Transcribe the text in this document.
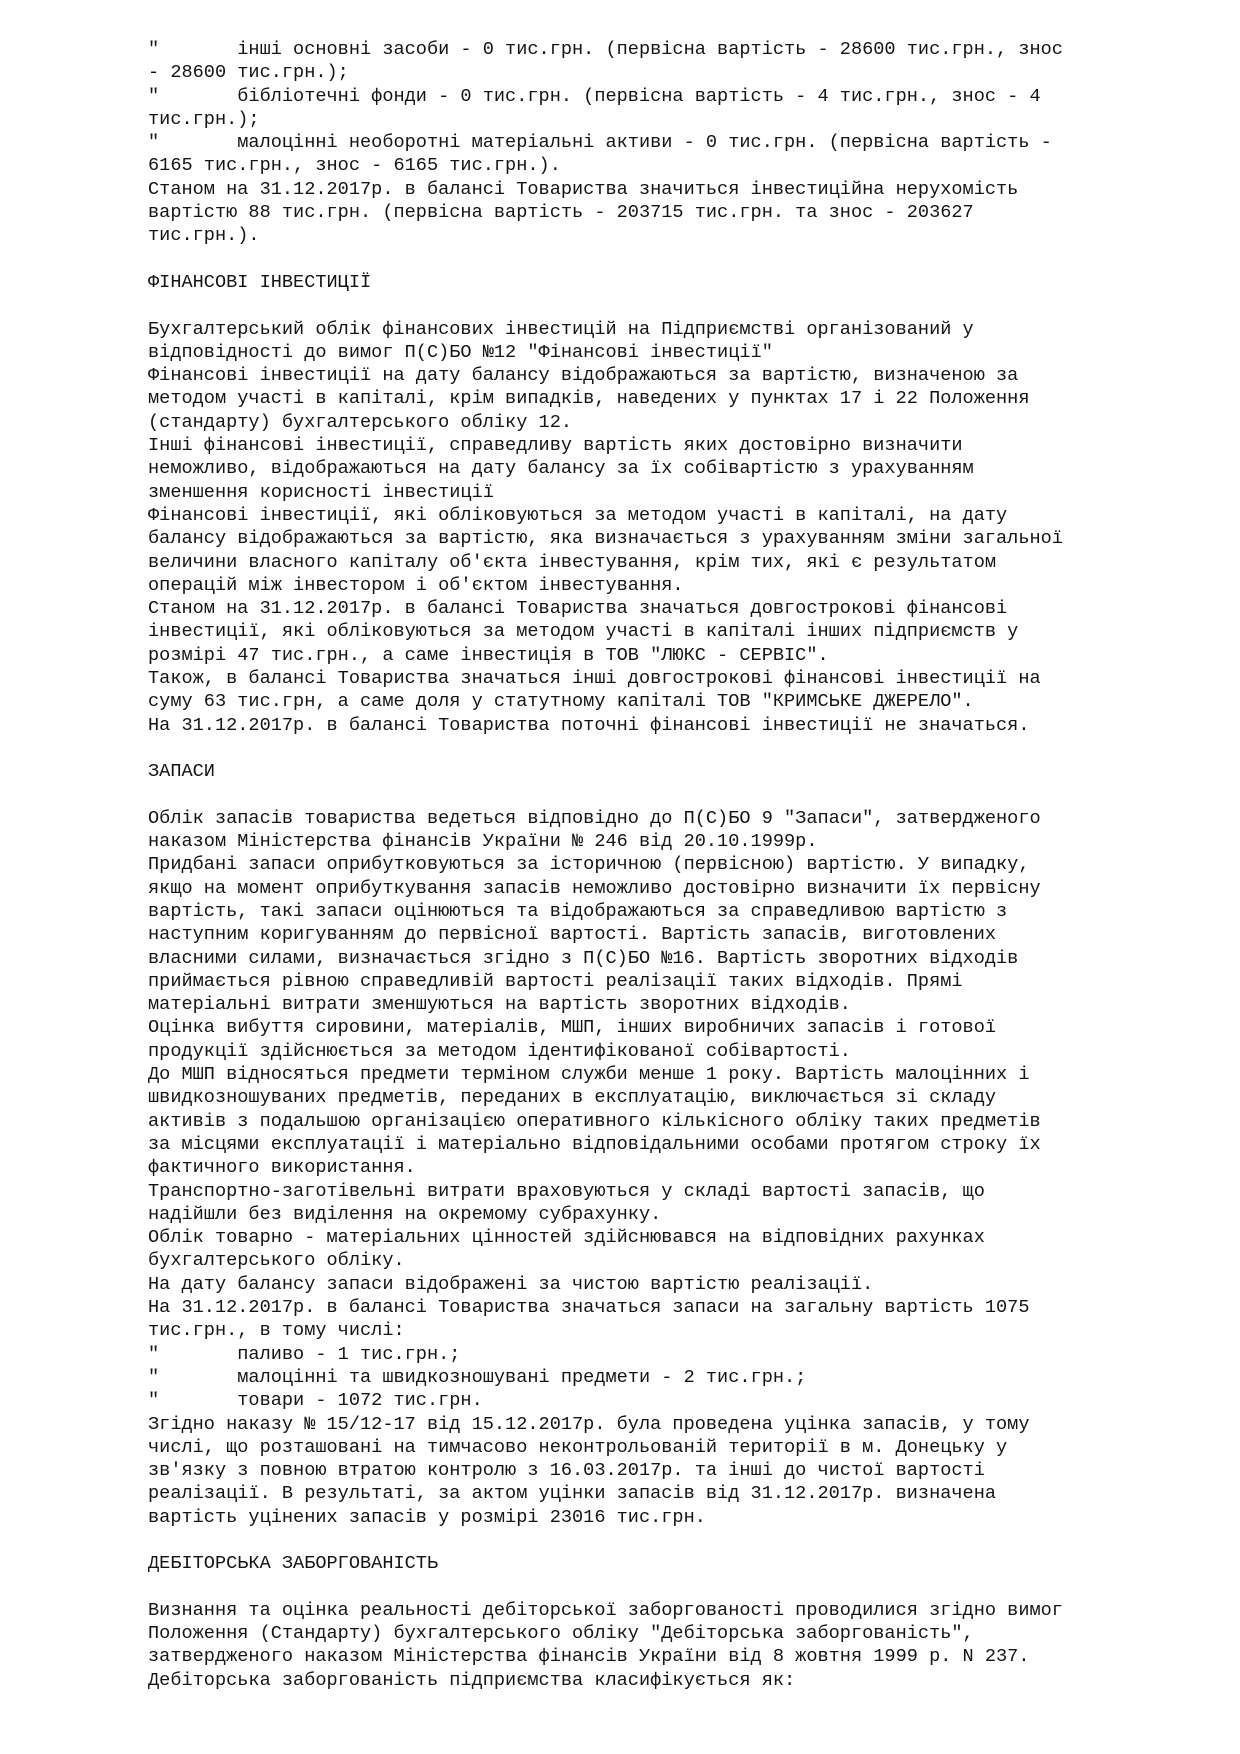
"       інші основні засоби - 0 тис.грн. (первісна вартість - 28600 тис.грн., знос
- 28600 тис.грн.);
"       бібліотечні фонди - 0 тис.грн. (первісна вартість - 4 тис.грн., знос - 4
тис.грн.);
"       малоцінні необоротні матеріальні активи - 0 тис.грн. (первісна вартість -
6165 тис.грн., знос - 6165 тис.грн.).
Станом на 31.12.2017р. в балансі Товариства значиться інвестиційна нерухомість
вартістю 88 тис.грн. (первісна вартість - 203715 тис.грн. та знос - 203627
тис.грн.).
ФІНАНСОВІ ІНВЕСТИЦІЇ
Бухгалтерський облік фінансових інвестицій на Підприємстві організований у
відповідності до вимог П(С)БО №12 "Фінансові інвестиції"
Фінансові інвестиції на дату балансу відображаються за вартістю, визначеною за
методом участі в капіталі, крім випадків, наведених у пунктах 17 і 22 Положення
(стандарту) бухгалтерського обліку 12.
Інші фінансові інвестиції, справедливу вартість яких достовірно визначити
неможливо, відображаються на дату балансу за їх собівартістю з урахуванням
зменшення корисності інвестиції
Фінансові інвестиції, які обліковуються за методом участі в капіталі, на дату
балансу відображаються за вартістю, яка визначається з урахуванням зміни загальної
величини власного капіталу об'єкта інвестування, крім тих, які є результатом
операцій між інвестором і об'єктом інвестування.
Станом на 31.12.2017р. в балансі Товариства значаться довгострокові фінансові
інвестиції, які обліковуються за методом участі в капіталі інших підприємств у
розмірі 47 тис.грн., а саме інвестиція в ТОВ "ЛЮКС - СЕРВІС".
Також, в балансі Товариства значаться інші довгострокові фінансові інвестиції на
суму 63 тис.грн, а саме доля у статутному капіталі ТОВ "КРИМСЬКЕ ДЖЕРЕЛО".
На 31.12.2017р. в балансі Товариства поточні фінансові інвестиції не значаться.
ЗАПАСИ
Облік запасів товариства ведеться відповідно до П(С)БО 9 "Запаси", затвердженого
наказом Міністерства фінансів України № 246 від 20.10.1999р.
Придбані запаси оприбутковуються за історичною (первісною) вартістю. У випадку,
якщо на момент оприбуткування запасів неможливо достовірно визначити їх первісну
вартість, такі запаси оцінюються та відображаються за справедливою вартістю з
наступним коригуванням до первісної вартості. Вартість запасів, виготовлених
власними силами, визначається згідно з П(С)БО №16. Вартість зворотних відходів
приймається рівною справедливій вартості реалізації таких відходів. Прямі
матеріальні витрати зменшуються на вартість зворотних відходів.
Оцінка вибуття сировини, матеріалів, МШП, інших виробничих запасів і готової
продукції здійснюється за методом ідентифікованої собівартості.
До МШП відносяться предмети терміном служби менше 1 року. Вартість малоцінних і
швидкозношуваних предметів, переданих в експлуатацію, виключається зі складу
активів з подальшою організацією оперативного кількісного обліку таких предметів
за місцями експлуатації і матеріально відповідальними особами протягом строку їх
фактичного використання.
Транспортно-заготівельні витрати враховуються у складі вартості запасів, що
надійшли без виділення на окремому субрахунку.
Облік товарно - матеріальних цінностей здійснювався на відповідних рахунках
бухгалтерського обліку.
На дату балансу запаси відображені за чистою вартістю реалізації.
На 31.12.2017р. в балансі Товариства значаться запаси на загальну вартість 1075
тис.грн., в тому числі:
"       паливо - 1 тис.грн.;
"       малоцінні та швидкозношувані предмети - 2 тис.грн.;
"       товари - 1072 тис.грн.
Згідно наказу № 15/12-17 від 15.12.2017р. була проведена уцінка запасів, у тому
числі, що розташовані на тимчасово неконтрольованій території в м. Донецьку у
зв'язку з повною втратою контролю з 16.03.2017р. та інші до чистої вартості
реалізації. В результаті, за актом уцінки запасів від 31.12.2017р. визначена
вартість уцінених запасів у розмірі 23016 тис.грн.
ДЕБІТОРСЬКА ЗАБОРГОВАНІСТЬ
Визнання та оцінка реальності дебіторської заборгованості проводилися згідно вимог
Положення (Стандарту) бухгалтерського обліку "Дебіторська заборгованість",
затвердженого наказом Міністерства фінансів України від 8 жовтня 1999 р. N 237.
Дебіторська заборгованість підприємства класифікується як:
